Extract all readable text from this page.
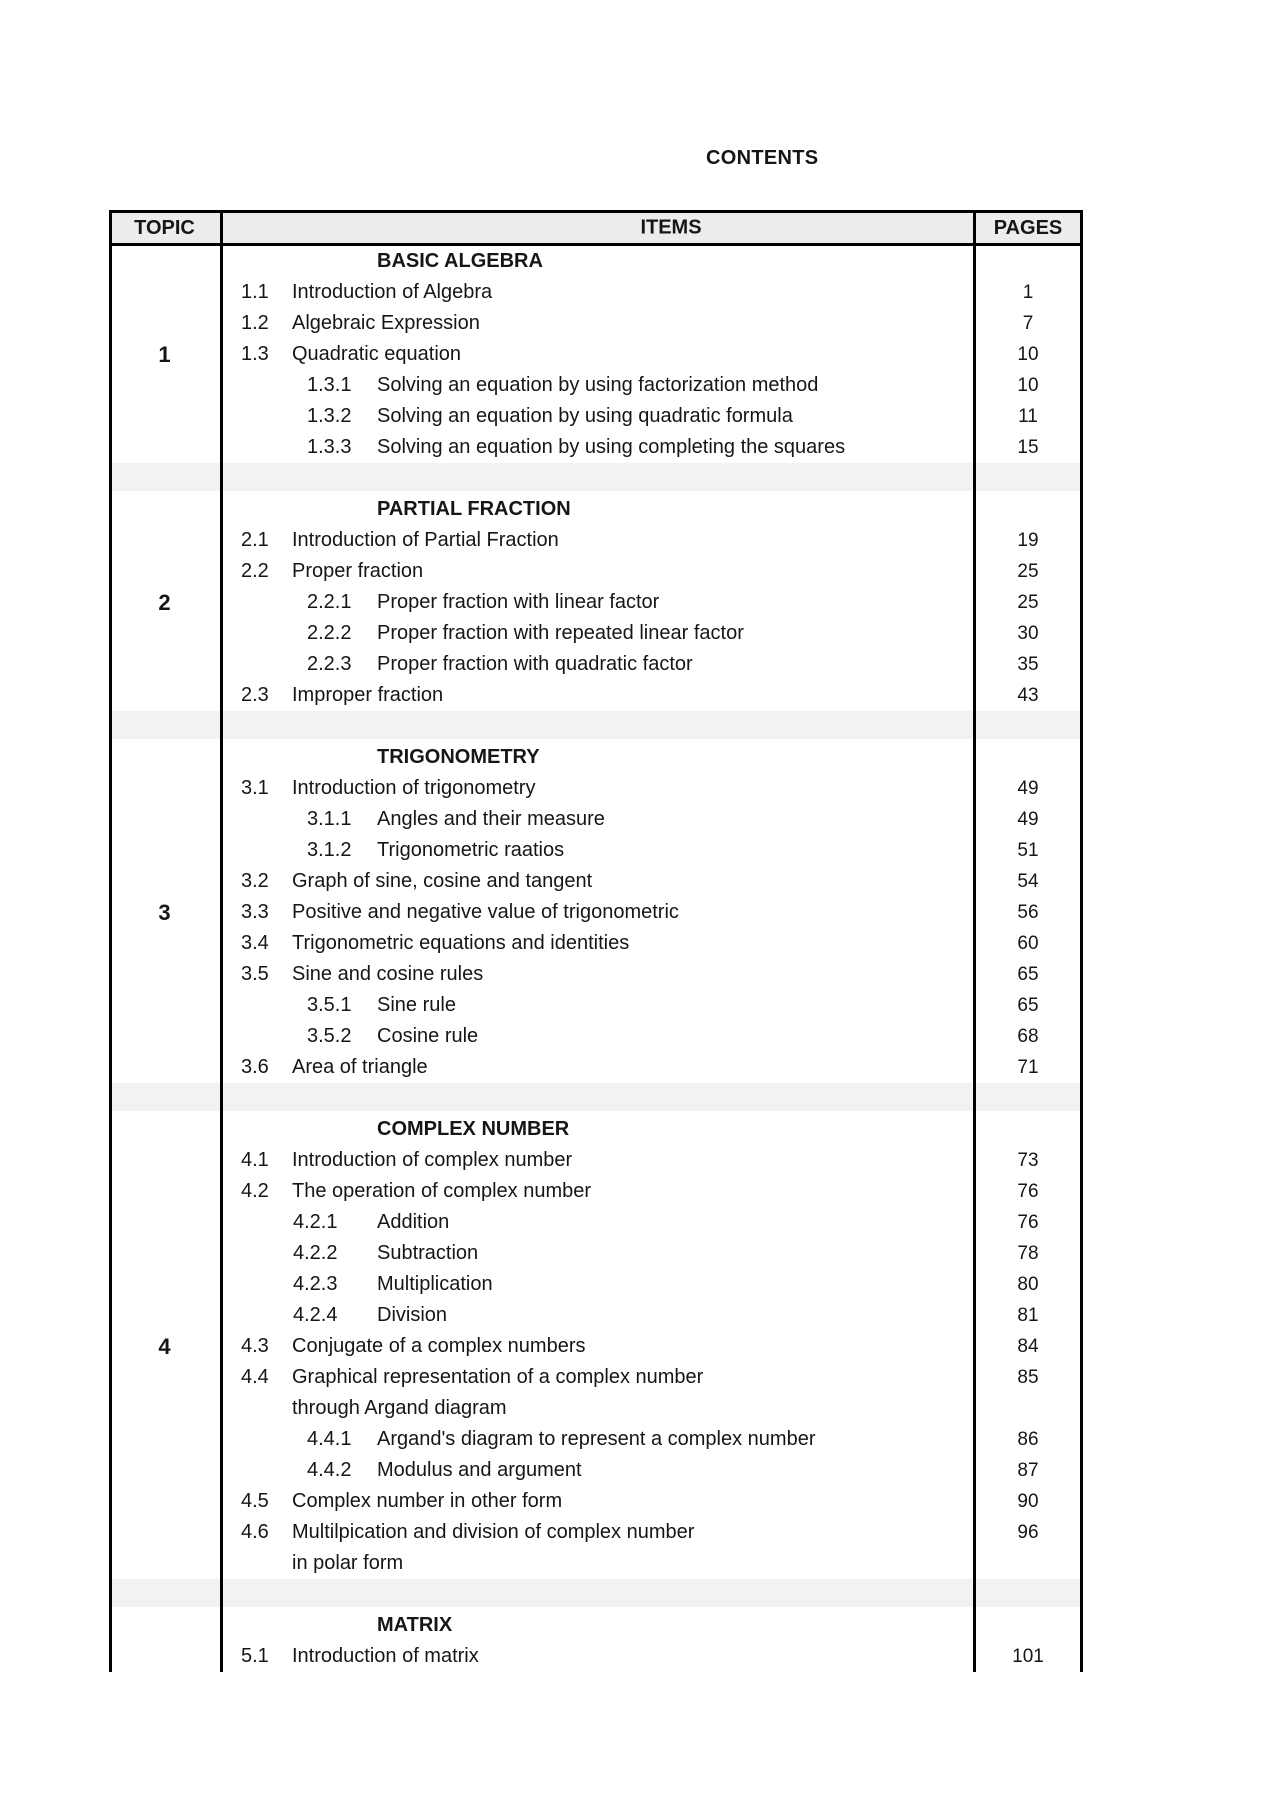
CONTENTS
TOPIC	ITEMS	PAGES
1
BASIC ALGEBRA
1.1	Introduction of Algebra	1
1.2	Algebraic Expression	7
1.3	Quadratic equation	10
1.3.1	Solving an equation by using factorization method	10
1.3.2	Solving an equation by using quadratic formula	11
1.3.3	Solving an equation by using completing the squares	15
2
PARTIAL FRACTION
2.1	Introduction of Partial Fraction	19
2.2	Proper fraction	25
2.2.1	Proper fraction with linear factor	25
2.2.2	Proper fraction with repeated linear factor	30
2.2.3	Proper fraction with quadratic factor	35
2.3	Improper fraction	43
3
TRIGONOMETRY
3.1	Introduction of trigonometry	49
3.1.1	Angles and their measure	49
3.1.2	Trigonometric raatios	51
3.2	Graph of sine, cosine and tangent	54
3.3	Positive and negative value of trigonometric	56
3.4	Trigonometric equations and identities	60
3.5	Sine and cosine rules	65
3.5.1	Sine rule	65
3.5.2	Cosine rule	68
3.6	Area of triangle	71
4
COMPLEX NUMBER
4.1	Introduction of complex number	73
4.2	The operation of complex number	76
4.2.1	Addition	76
4.2.2	Subtraction	78
4.2.3	Multiplication	80
4.2.4	Division	81
4.3	Conjugate of a complex numbers	84
4.4	Graphical representation of a complex number	85
through Argand diagram
4.4.1	Argand's diagram to represent a complex number	86
4.4.2	Modulus and argument	87
4.5	Complex number in other form	90
4.6	Multilpication and division of complex number	96
in polar form
MATRIX
5.1	Introduction of matrix	101
